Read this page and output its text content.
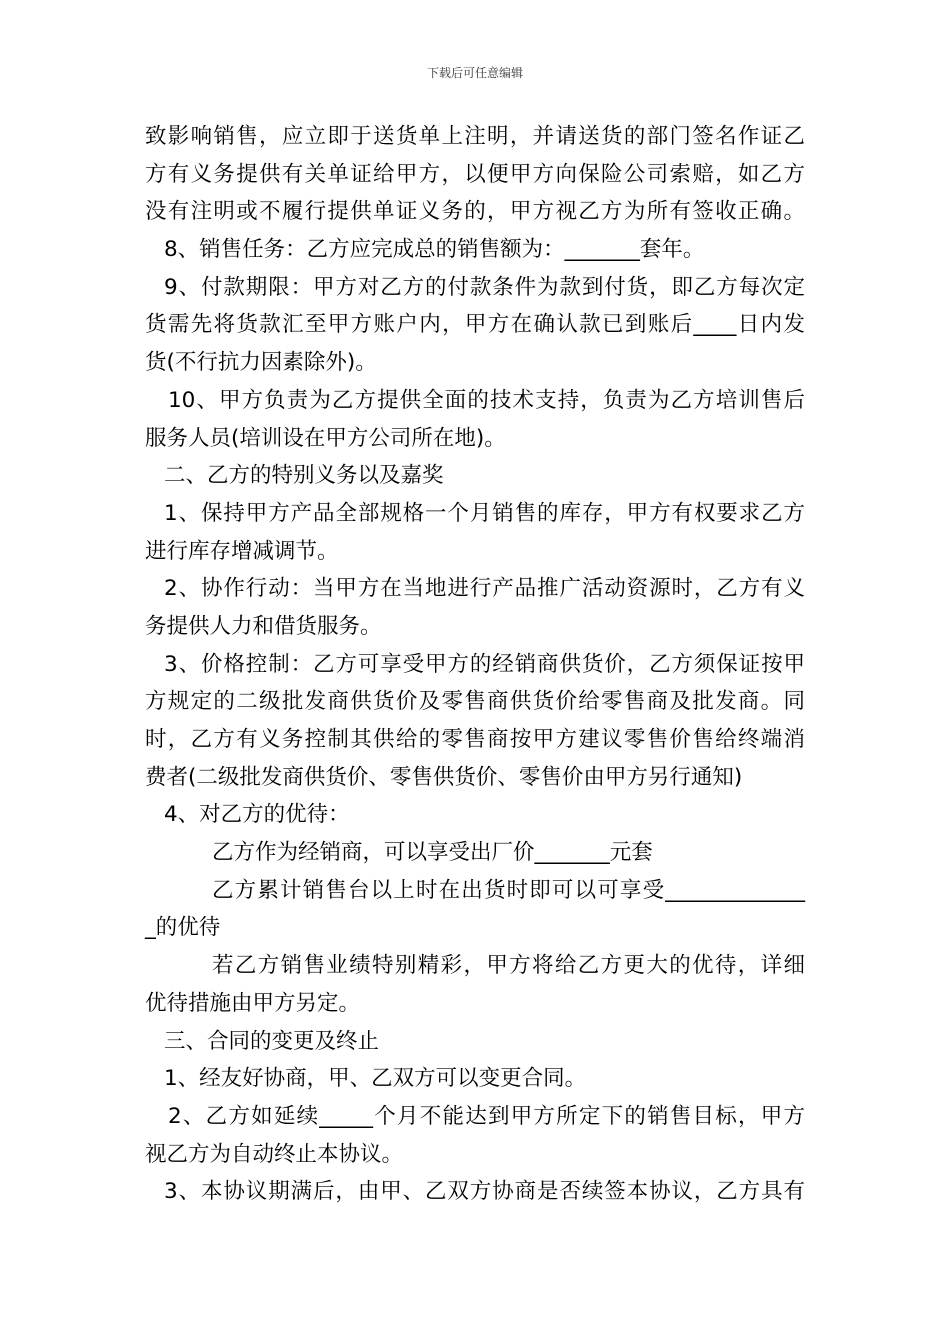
下载后可任意编辑
致影响销售，应立即于送货单上注明，并请送货的部门签名作证乙
方有义务提供有关单证给甲方，以便甲方向保险公司索赔，如乙方
没有注明或不履行提供单证义务的，甲方视乙方为所有签收正确。
8、销售任务：乙方应完成总的销售额为：_______套年。
9、付款期限：甲方对乙方的付款条件为款到付货，即乙方每次定
货需先将货款汇至甲方账户内，甲方在确认款已到账后____日内发
货(不行抗力因素除外)。
10、甲方负责为乙方提供全面的技术支持，负责为乙方培训售后
服务人员(培训设在甲方公司所在地)。
二、乙方的特别义务以及嘉奖
1、保持甲方产品全部规格一个月销售的库存，甲方有权要求乙方
进行库存增减调节。
2、协作行动：当甲方在当地进行产品推广活动资源时，乙方有义
务提供人力和借货服务。
3、价格控制：乙方可享受甲方的经销商供货价，乙方须保证按甲
方规定的二级批发商供货价及零售商供货价给零售商及批发商。同
时，乙方有义务控制其供给的零售商按甲方建议零售价售给终端消
费者(二级批发商供货价、零售供货价、零售价由甲方另行通知)
4、对乙方的优待：
乙方作为经销商，可以享受出厂价_______元套
乙方累计销售台以上时在出货时即可以可享受_____________
_的优待
若乙方销售业绩特别精彩，甲方将给乙方更大的优待，详细
优待措施由甲方另定。
三、合同的变更及终止
1、经友好协商，甲、乙双方可以变更合同。
2、乙方如延续_____个月不能达到甲方所定下的销售目标，甲方
视乙方为自动终止本协议。
3、本协议期满后，由甲、乙双方协商是否续签本协议，乙方具有
